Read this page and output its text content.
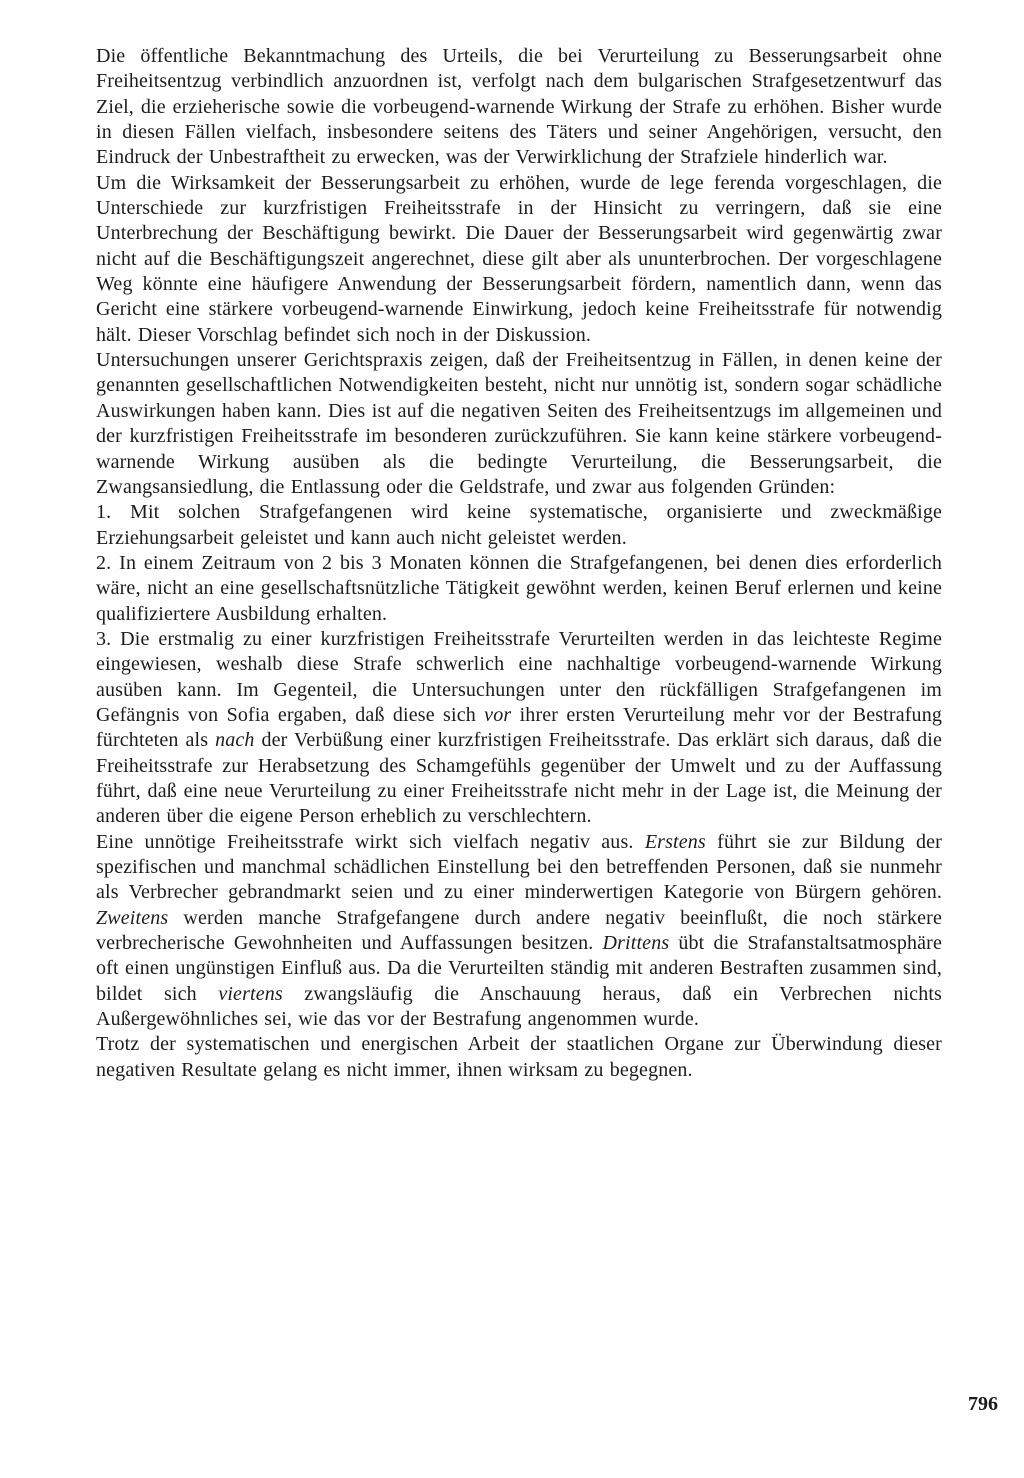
Die öffentliche Bekanntmachung des Urteils, die bei Verurteilung zu Besserungsarbeit ohne Freiheitsentzug verbindlich anzuordnen ist, verfolgt nach dem bulgarischen Strafgesetzentwurf das Ziel, die erzieherische sowie die vorbeugend-warnende Wirkung der Strafe zu erhöhen. Bisher wurde in diesen Fällen vielfach, insbesondere seitens des Täters und seiner Angehörigen, versucht, den Eindruck der Unbestraftheit zu erwecken, was der Verwirklichung der Strafziele hinderlich war.

Um die Wirksamkeit der Besserungsarbeit zu erhöhen, wurde de lege ferenda vorgeschlagen, die Unterschiede zur kurzfristigen Freiheitsstrafe in der Hinsicht zu verringern, daß sie eine Unterbrechung der Beschäftigung bewirkt. Die Dauer der Besserungsarbeit wird gegenwärtig zwar nicht auf die Beschäftigungszeit angerechnet, diese gilt aber als ununterbrochen. Der vorgeschlagene Weg könnte eine häufigere Anwendung der Besserungsarbeit fördern, namentlich dann, wenn das Gericht eine stärkere vorbeugend-warnende Einwirkung, jedoch keine Freiheitsstrafe für notwendig hält. Dieser Vorschlag befindet sich noch in der Diskussion.

Untersuchungen unserer Gerichtspraxis zeigen, daß der Freiheitsentzug in Fällen, in denen keine der genannten gesellschaftlichen Notwendigkeiten besteht, nicht nur unnötig ist, sondern sogar schädliche Auswirkungen haben kann. Dies ist auf die negativen Seiten des Freiheitsentzugs im allgemeinen und der kurzfristigen Freiheitsstrafe im besonderen zurückzuführen. Sie kann keine stärkere vorbeugend-warnende Wirkung ausüben als die bedingte Verurteilung, die Besserungsarbeit, die Zwangsansiedlung, die Entlassung oder die Geldstrafe, und zwar aus folgenden Gründen:

1. Mit solchen Strafgefangenen wird keine systematische, organisierte und zweckmäßige Erziehungsarbeit geleistet und kann auch nicht geleistet werden.

2. In einem Zeitraum von 2 bis 3 Monaten können die Strafgefangenen, bei denen dies erforderlich wäre, nicht an eine gesellschaftsnützliche Tätigkeit gewöhnt werden, keinen Beruf erlernen und keine qualifiziertere Ausbildung erhalten.

3. Die erstmalig zu einer kurzfristigen Freiheitsstrafe Verurteilten werden in das leichteste Regime eingewiesen, weshalb diese Strafe schwerlich eine nachhaltige vorbeugend-warnende Wirkung ausüben kann. Im Gegenteil, die Untersuchungen unter den rückfälligen Strafgefangenen im Gefängnis von Sofia ergaben, daß diese sich vor ihrer ersten Verurteilung mehr vor der Bestrafung fürchteten als nach der Verbüßung einer kurzfristigen Freiheitsstrafe. Das erklärt sich daraus, daß die Freiheitsstrafe zur Herabsetzung des Schamgefühls gegenüber der Umwelt und zu der Auffassung führt, daß eine neue Verurteilung zu einer Freiheitsstrafe nicht mehr in der Lage ist, die Meinung der anderen über die eigene Person erheblich zu verschlechtern.

Eine unnötige Freiheitsstrafe wirkt sich vielfach negativ aus. Erstens führt sie zur Bildung der spezifischen und manchmal schädlichen Einstellung bei den betreffenden Personen, daß sie nunmehr als Verbrecher gebrandmarkt seien und zu einer minderwertigen Kategorie von Bürgern gehören. Zweitens werden manche Strafgefangene durch andere negativ beeinflußt, die noch stärkere verbrecherische Gewohnheiten und Auffassungen besitzen. Drittens übt die Strafanstaltsatmosphäre oft einen ungünstigen Einfluß aus. Da die Verurteilten ständig mit anderen Bestraften zusammen sind, bildet sich viertens zwangsläufig die Anschauung heraus, daß ein Verbrechen nichts Außergewöhnliches sei, wie das vor der Bestrafung angenommen wurde.

Trotz der systematischen und energischen Arbeit der staatlichen Organe zur Überwindung dieser negativen Resultate gelang es nicht immer, ihnen wirksam zu begegnen.

796
